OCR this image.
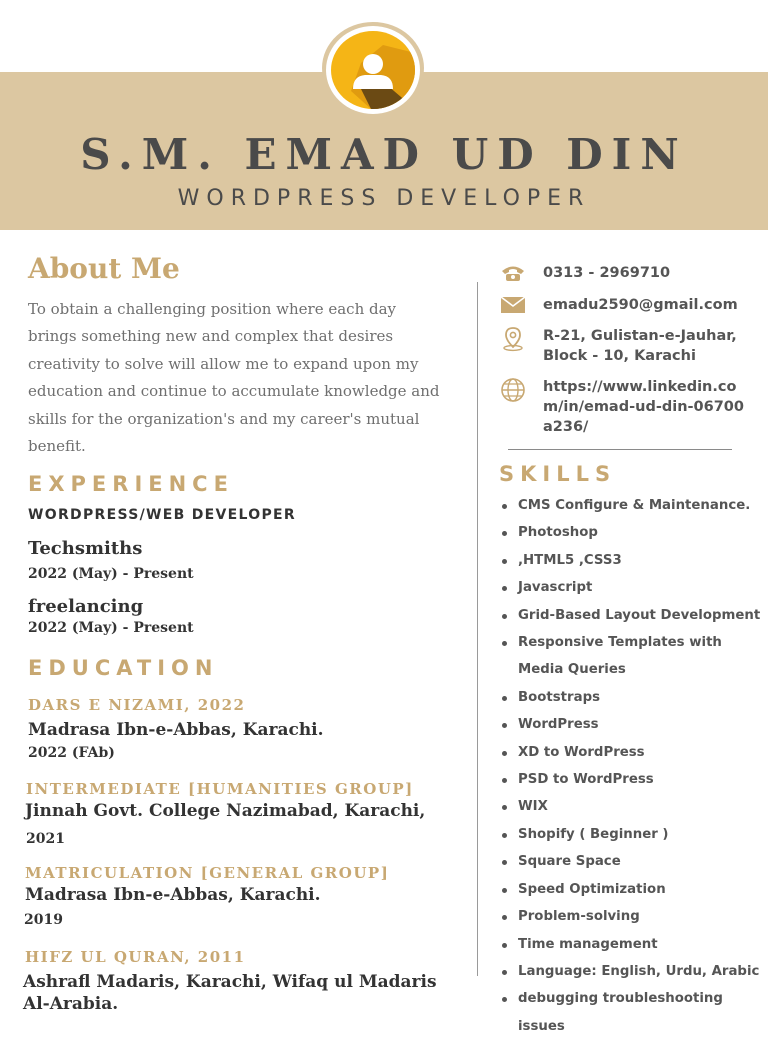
S.M. EMAD UD DIN
WORDPRESS DEVELOPER
About Me
To obtain a challenging position where each day brings something new and complex that desires creativity to solve will allow me to expand upon my education and continue to accumulate knowledge and skills for the organization's and my career's mutual benefit.
EXPERIENCE
WORDPRESS/WEB DEVELOPER
Techsmiths
2022 (May) - Present
freelancing
2022 (May) - Present
EDUCATION
DARS E NIZAMI, 2022
Madrasa Ibn-e-Abbas, Karachi.
2022 (FAb)
INTERMEDIATE [HUMANITIES GROUP]
Jinnah Govt. College Nazimabad, Karachi,
2021
MATRICULATION [GENERAL GROUP]
Madrasa Ibn-e-Abbas, Karachi.
2019
HIFZ UL QURAN, 2011
Ashrafl Madaris, Karachi, Wifaq ul Madaris Al-Arabia.
0313 - 2969710
emadu2590@gmail.com
R-21, Gulistan-e-Jauhar, Block - 10, Karachi
https://www.linkedin.com/in/emad-ud-din-06700a236/
SKILLS
CMS Configure & Maintenance.
Photoshop
,HTML5 ,CSS3
Javascript
Grid-Based Layout Development
Responsive Templates with Media Queries
Bootstraps
WordPress
XD to WordPress
PSD to WordPress
WIX
Shopify ( Beginner )
Square Space
Speed Optimization
Problem-solving
Time management
Language: English, Urdu, Arabic
debugging troubleshooting issues
